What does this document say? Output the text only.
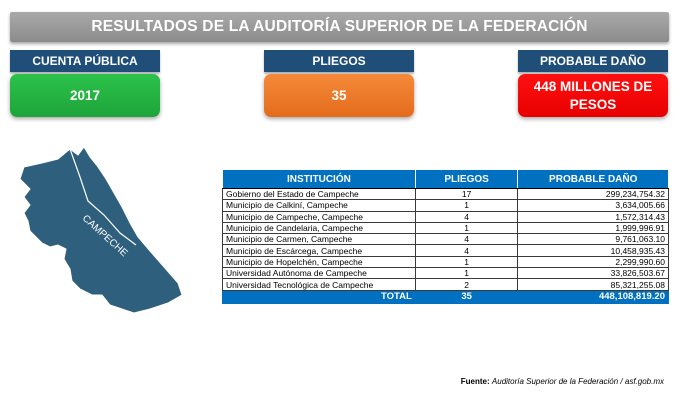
RESULTADOS DE LA AUDITORÍA SUPERIOR DE LA FEDERACIÓN
CUENTA PÚBLICA
2017
PLIEGOS
35
PROBABLE DAÑO
448 MILLONES DE PESOS
CAMPECHE
INSTITUCIÓN	PLIEGOS	PROBABLE DAÑO
Gobierno del Estado de Campeche	17	299,234,754.32
Municipio de Calkiní, Campeche	1	3,634,005.66
Municipio de Campeche, Campeche	4	1,572,314.43
Municipio de Candelaria, Campeche	1	1,999,996.91
Municipio de Carmen, Campeche	4	9,761,063.10
Municipio de Escárcega, Campeche	4	10,458,935.43
Municipio de Hopelchén, Campeche	1	2,299,990.60
Universidad Autónoma de Campeche	1	33,826,503.67
Universidad Tecnológica de Campeche	2	85,321,255.08
TOTAL	35	448,108,819.20
Fuente: Auditoría Superior de la Federación / asf.gob.mx
